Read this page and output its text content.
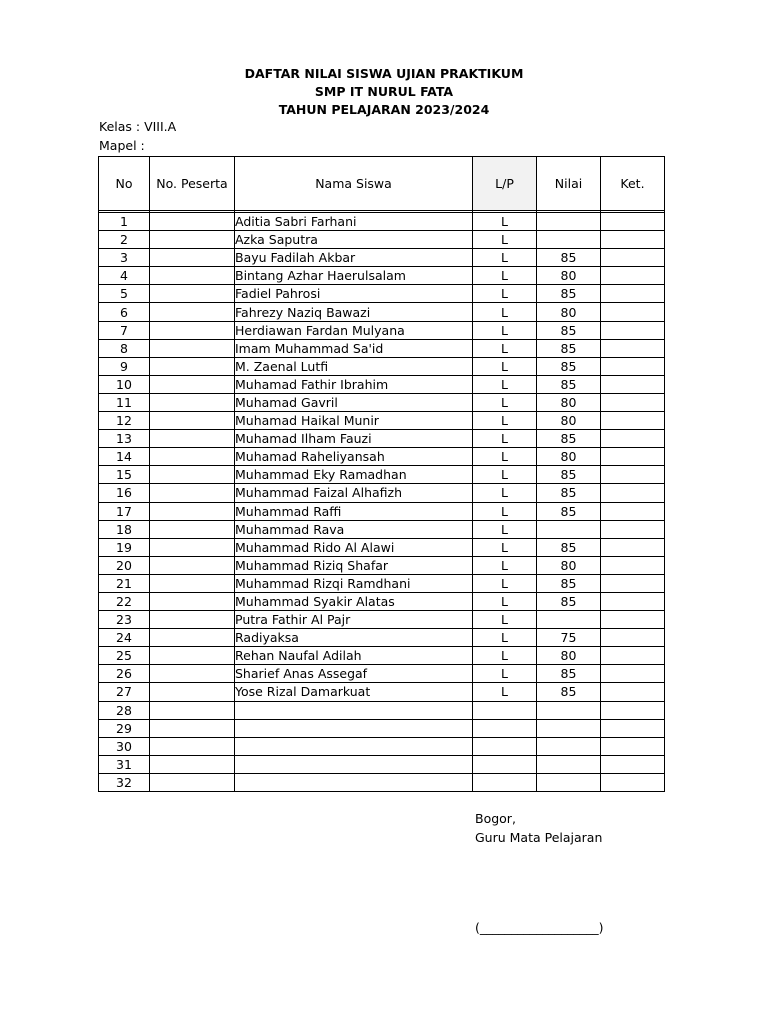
DAFTAR NILAI SISWA UJIAN PRAKTIKUM
SMP IT NURUL FATA
TAHUN PELAJARAN 2023/2024
Kelas : VIII.A
Mapel :
No	No. Peserta	Nama Siswa	L/P	Nilai	Ket.

1		Aditia Sabri Farhani	L		
2		Azka Saputra	L		
3		Bayu Fadilah Akbar	L	85	
4		Bintang Azhar Haerulsalam	L	80	
5		Fadiel Pahrosi	L	85	
6		Fahrezy Naziq Bawazi	L	80	
7		Herdiawan Fardan Mulyana	L	85	
8		Imam Muhammad Sa'id	L	85	
9		M. Zaenal Lutfi	L	85	
10		Muhamad Fathir Ibrahim	L	85	
11		Muhamad Gavril	L	80	
12		Muhamad Haikal Munir	L	80	
13		Muhamad Ilham Fauzi	L	85	
14		Muhamad Raheliyansah	L	80	
15		Muhammad Eky Ramadhan	L	85	
16		Muhammad Faizal Alhafizh	L	85	
17		Muhammad Raffi	L	85	
18		Muhammad Rava	L		
19		Muhammad Rido Al Alawi	L	85	
20		Muhammad Riziq Shafar	L	80	
21		Muhammad Rizqi Ramdhani	L	85	
22		Muhammad Syakir Alatas	L	85	
23		Putra Fathir Al Pajr	L		
24		Radiyaksa	L	75	
25		Rehan Naufal Adilah	L	80	
26		Sharief Anas Assegaf	L	85	
27		Yose Rizal Damarkuat	L	85	
28					
29					
30					
31					
32					
Bogor,
Guru Mata Pelajaran
(___________________)
